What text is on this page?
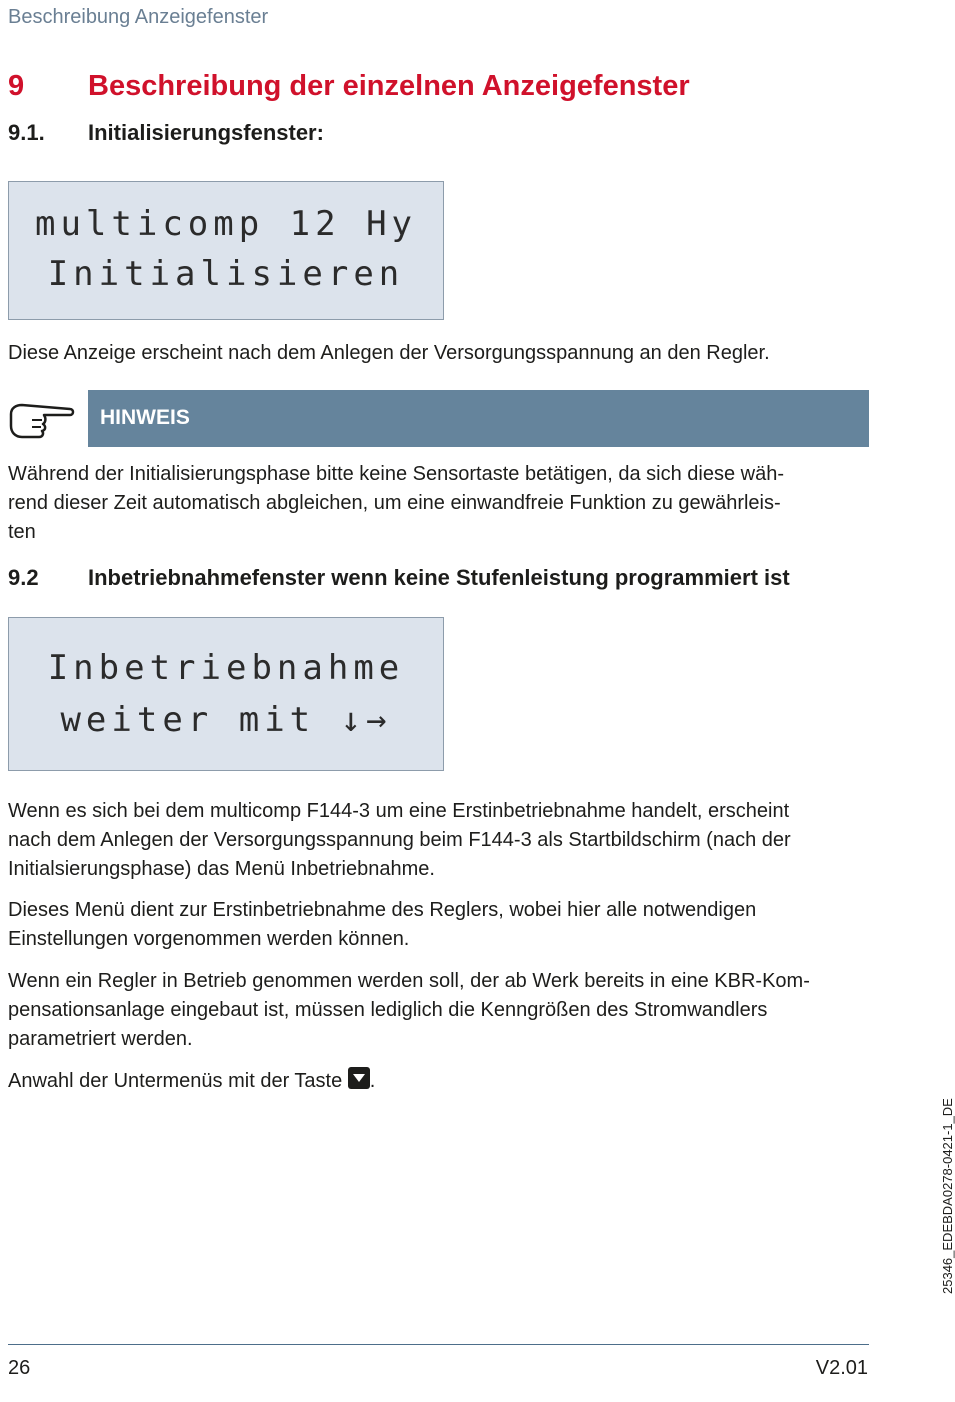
Beschreibung Anzeigefenster
9 Beschreibung der einzelnen Anzeigefenster
9.1. Initialisierungsfenster:
multicomp 12 Hy
Initialisieren
Diese Anzeige erscheint nach dem Anlegen der Versorgungsspannung an den Regler.
HINWEIS
Während der Initialisierungsphase bitte keine Sensortaste betätigen, da sich diese wäh-
rend dieser Zeit automatisch abgleichen, um eine einwandfreie Funktion zu gewährleis-
ten
9.2 Inbetriebnahmefenster wenn keine Stufenleistung programmiert ist
Inbetriebnahme
weiter mit ↓→
Wenn es sich bei dem multicomp F144-3 um eine Erstinbetriebnahme handelt, erscheint
nach dem Anlegen der Versorgungsspannung beim F144-3 als Startbildschirm (nach der
Initialsierungsphase) das Menü Inbetriebnahme.
Dieses Menü dient zur Erstinbetriebnahme des Reglers, wobei hier alle notwendigen
Einstellungen vorgenommen werden können.
Wenn ein Regler in Betrieb genommen werden soll, der ab Werk bereits in eine KBR-Kom-
pensationsanlage eingebaut ist, müssen lediglich die Kenngrößen des Stromwandlers
parametriert werden.
Anwahl der Untermenüs mit der Taste .
25346_EDEBDA0278-0421-1_DE
26	V2.01
